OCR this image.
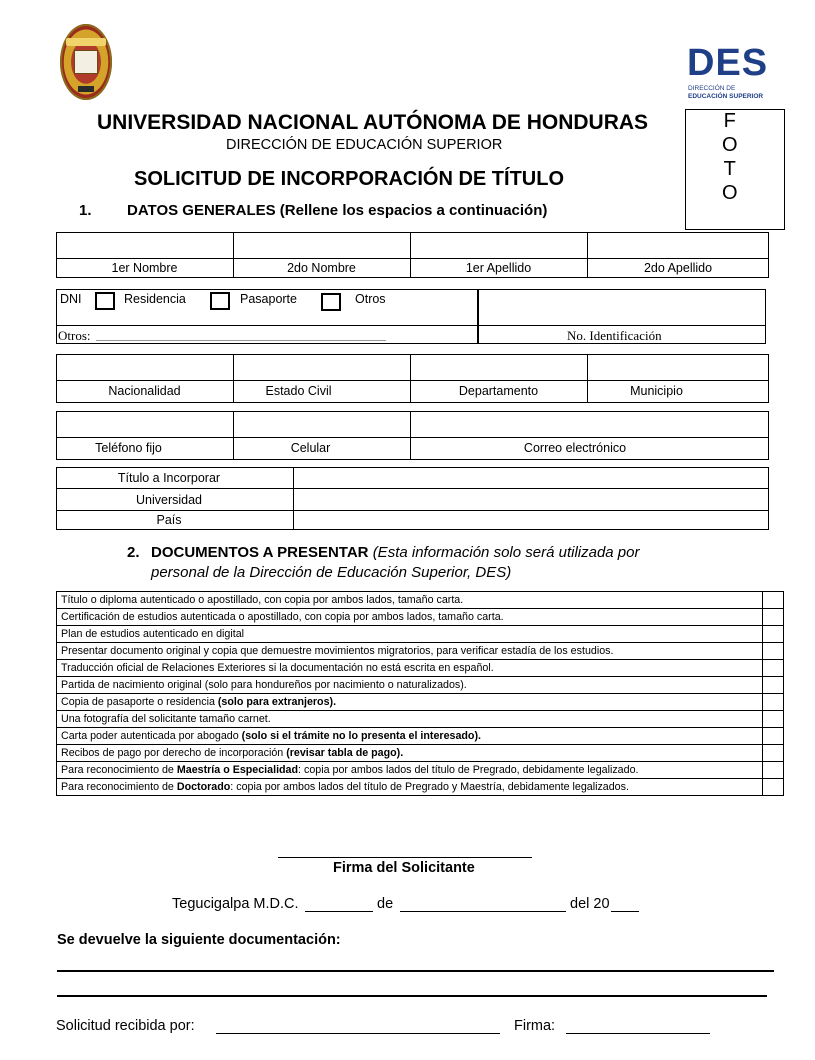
DES
DIRECCIÓN DE
EDUCACIÓN SUPERIOR
F
O
T
O
UNIVERSIDAD NACIONAL AUTÓNOMA DE HONDURAS
DIRECCIÓN DE EDUCACIÓN SUPERIOR
SOLICITUD DE INCORPORACIÓN DE TÍTULO
1. DATOS GENERALES (Rellene los espacios a continuación)
1er Nombre	2do Nombre	1er Apellido	2do Apellido
DNI	Residencia	Pasaporte	Otros
Otros:	No. Identificación
Nacionalidad	Estado Civil	Departamento	Municipio
Teléfono fijo	Celular	Correo electrónico
Título a Incorporar
Universidad
País
2. DOCUMENTOS A PRESENTAR (Esta información solo será utilizada por
personal de la Dirección de Educación Superior, DES)
Título o diploma autenticado o apostillado, con copia por ambos lados, tamaño carta.	
Certificación de estudios autenticada o apostillado, con copia por ambos lados, tamaño carta.	
Plan de estudios autenticado en digital	
Presentar documento original y copia que demuestre movimientos migratorios, para verificar estadía de los estudios.	
Traducción oficial de Relaciones Exteriores si la documentación no está escrita en español.	
Partida de nacimiento original (solo para hondureños por nacimiento o naturalizados).	
Copia de pasaporte o residencia (solo para extranjeros).	
Una fotografía del solicitante tamaño carnet.	
Carta poder autenticada por abogado (solo si el trámite no lo presenta el interesado).	
Recibos de pago por derecho de incorporación (revisar tabla de pago).	
Para reconocimiento de Maestría o Especialidad: copia por ambos lados del título de Pregrado, debidamente legalizado.	
Para reconocimiento de Doctorado: copia por ambos lados del título de Pregrado y Maestría, debidamente legalizados.	
Firma del Solicitante
Tegucigalpa M.D.C.	de	del 20
Se devuelve la siguiente documentación:
Solicitud recibida por:	Firma:
